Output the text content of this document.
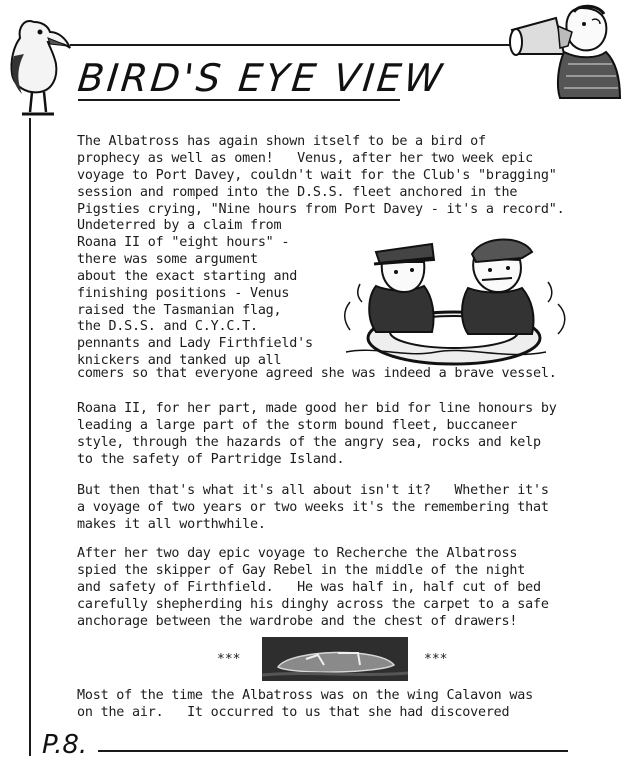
BIRD'S EYE VIEW
The Albatross has again shown itself to be a bird of
prophecy as well as omen!   Venus, after her two week epic
voyage to Port Davey, couldn't wait for the Club's "bragging"
session and romped into the D.S.S. fleet anchored in the
Pigsties crying, "Nine hours from Port Davey - it's a record".
Undeterred by a claim from
Roana II of "eight hours" -
there was some argument
about the exact starting and
finishing positions - Venus
raised the Tasmanian flag,
the D.S.S. and C.Y.C.T.
pennants and Lady Firthfield's
knickers and tanked up all
comers so that everyone agreed she was indeed a brave vessel.
Roana II, for her part, made good her bid for line honours by
leading a large part of the storm bound fleet, buccaneer
style, through the hazards of the angry sea, rocks and kelp
to the safety of Partridge Island.
But then that's what it's all about isn't it?   Whether it's
a voyage of two years or two weeks it's the remembering that
makes it all worthwhile.
After her two day epic voyage to Recherche the Albatross
spied the skipper of Gay Rebel in the middle of the night
and safety of Firthfield.   He was half in, half cut of bed
carefully shepherding his dinghy across the carpet to a safe
anchorage between the wardrobe and the chest of drawers!
***	***
Most of the time the Albatross was on the wing Calavon was
on the air.   It occurred to us that she had discovered
P.8.
